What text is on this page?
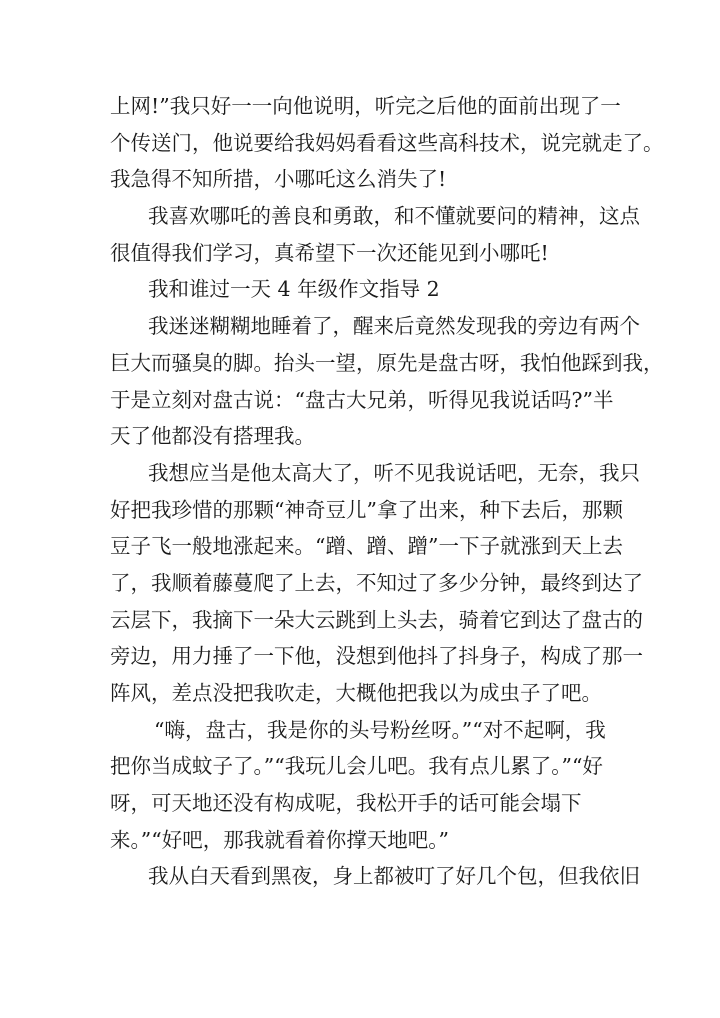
上网!”我只好一一向他说明，听完之后他的面前出现了一
个传送门，他说要给我妈妈看看这些高科技术，说完就走了。
我急得不知所措，小哪吒这么消失了!
我喜欢哪吒的善良和勇敢，和不懂就要问的精神，这点
很值得我们学习，真希望下一次还能见到小哪吒!
我和谁过一天 4 年级作文指导 2
我迷迷糊糊地睡着了，醒来后竟然发现我的旁边有两个
巨大而骚臭的脚。抬头一望，原先是盘古呀，我怕他踩到我，
于是立刻对盘古说：“盘古大兄弟，听得见我说话吗?”半
天了他都没有搭理我。
我想应当是他太高大了，听不见我说话吧，无奈，我只
好把我珍惜的那颗“神奇豆儿”拿了出来，种下去后，那颗
豆子飞一般地涨起来。“蹭、蹭、蹭”一下子就涨到天上去
了，我顺着藤蔓爬了上去，不知过了多少分钟，最终到达了
云层下，我摘下一朵大云跳到上头去，骑着它到达了盘古的
旁边，用力捶了一下他，没想到他抖了抖身子，构成了那一
阵风，差点没把我吹走，大概他把我以为成虫子了吧。
“嗨，盘古，我是你的头号粉丝呀。”“对不起啊，我
把你当成蚊子了。”“我玩儿会儿吧。我有点儿累了。”“好
呀，可天地还没有构成呢，我松开手的话可能会塌下
来。”“好吧，那我就看着你撑天地吧。”
我从白天看到黑夜，身上都被叮了好几个包，但我依旧
